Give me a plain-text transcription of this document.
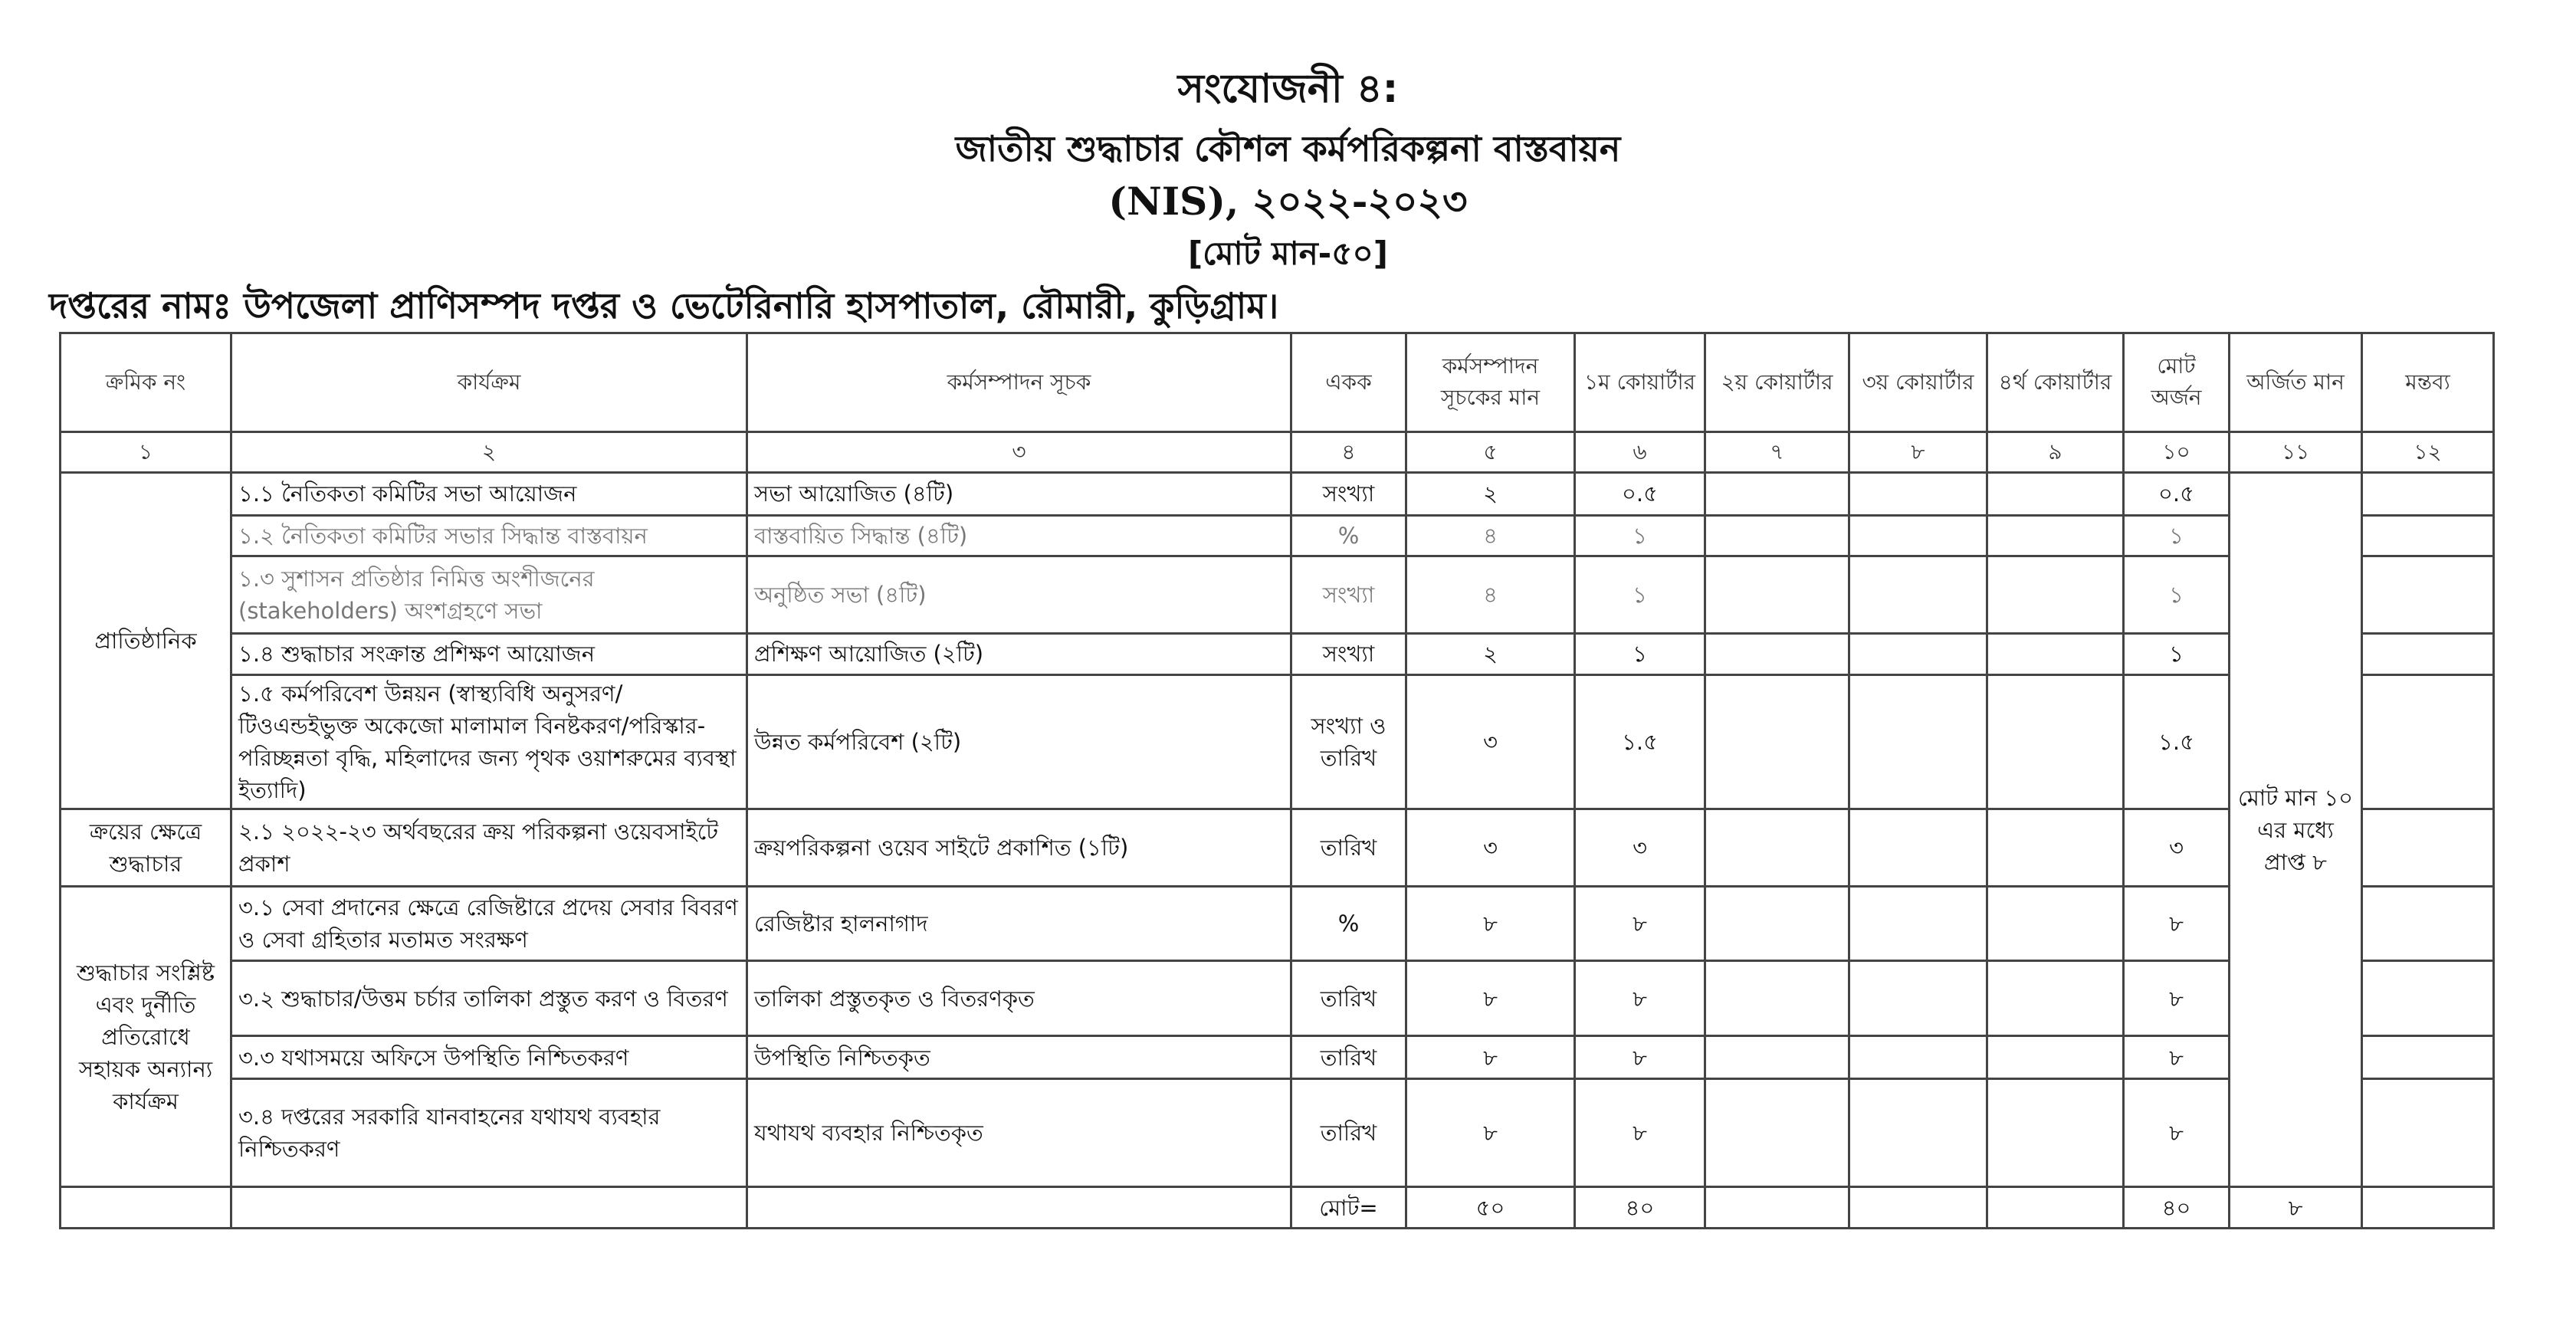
সংযোজনী ৪:
জাতীয় শুদ্ধাচার কৌশল কর্মপরিকল্পনা বাস্তবায়ন
(NIS), ২০২২-২০২৩
[মোট মান-৫০]
দপ্তরের নামঃ উপজেলা প্রাণিসম্পদ দপ্তর ও ভেটেরিনারি হাসপাতাল, রৌমারী, কুড়িগ্রাম।
ক্রমিক নং	কার্যক্রম	কর্মসম্পাদন সূচক	একক	কর্মসম্পাদন সূচকের মান	১ম কোয়ার্টার	২য় কোয়ার্টার	৩য় কোয়ার্টার	৪র্থ কোয়ার্টার	মোট অর্জন	অর্জিত মান	মন্তব্য
১	২	৩	৪	৫	৬	৭	৮	৯	১০	১১	১২
প্রাতিষ্ঠানিক	১.১ নৈতিকতা কমিটির সভা আয়োজন	সভা আয়োজিত (৪টি)	সংখ্যা	২	০.৫				০.৫	মোট মান ১০ এর মধ্যে প্রাপ্ত ৮	
	১.২ নৈতিকতা কমিটির সভার সিদ্ধান্ত বাস্তবায়ন	বাস্তবায়িত সিদ্ধান্ত (৪টি)	%	৪	১				১		
	১.৩ সুশাসন প্রতিষ্ঠার নিমিত্ত অংশীজনের (stakeholders) অংশগ্রহণে সভা	অনুষ্ঠিত সভা (৪টি)	সংখ্যা	৪	১				১		
	১.৪ শুদ্ধাচার সংক্রান্ত প্রশিক্ষণ আয়োজন	প্রশিক্ষণ আয়োজিত (২টি)	সংখ্যা	২	১				১		
	১.৫ কর্মপরিবেশ উন্নয়ন (স্বাস্থ্যবিধি অনুসরণ/ টিওএন্ডইভুক্ত অকেজো মালামাল বিনষ্টকরণ/পরিস্কার-পরিচ্ছন্নতা বৃদ্ধি, মহিলাদের জন্য পৃথক ওয়াশরুমের ব্যবস্থা ইত্যাদি)	উন্নত কর্মপরিবেশ (২টি)	সংখ্যা ও তারিখ	৩	১.৫				১.৫		
ক্রয়ের ক্ষেত্রে শুদ্ধাচার	২.১ ২০২২-২৩ অর্থবছরের ক্রয় পরিকল্পনা ওয়েবসাইটে প্রকাশ	ক্রয়পরিকল্পনা ওয়েব সাইটে প্রকাশিত (১টি)	তারিখ	৩	৩				৩		
শুদ্ধাচার সংশ্লিষ্ট এবং দুর্নীতি প্রতিরোধে সহায়ক অন্যান্য কার্যক্রম	৩.১ সেবা প্রদানের ক্ষেত্রে রেজিষ্টারে প্রদেয় সেবার বিবরণ ও সেবা গ্রহিতার মতামত সংরক্ষণ	রেজিষ্টার হালনাগাদ	%	৮	৮				৮		
	৩.২ শুদ্ধাচার/উত্তম চর্চার তালিকা প্রস্তুত করণ ও বিতরণ	তালিকা প্রস্তুতকৃত ও বিতরণকৃত	তারিখ	৮	৮				৮		
	৩.৩ যথাসময়ে অফিসে উপস্থিতি নিশ্চিতকরণ	উপস্থিতি নিশ্চিতকৃত	তারিখ	৮	৮				৮		
	৩.৪ দপ্তরের সরকারি যানবাহনের যথাযথ ব্যবহার নিশ্চিতকরণ	যথাযথ ব্যবহার নিশ্চিতকৃত	তারিখ	৮	৮				৮		
			মোট=	৫০	৪০				৪০	৮	
